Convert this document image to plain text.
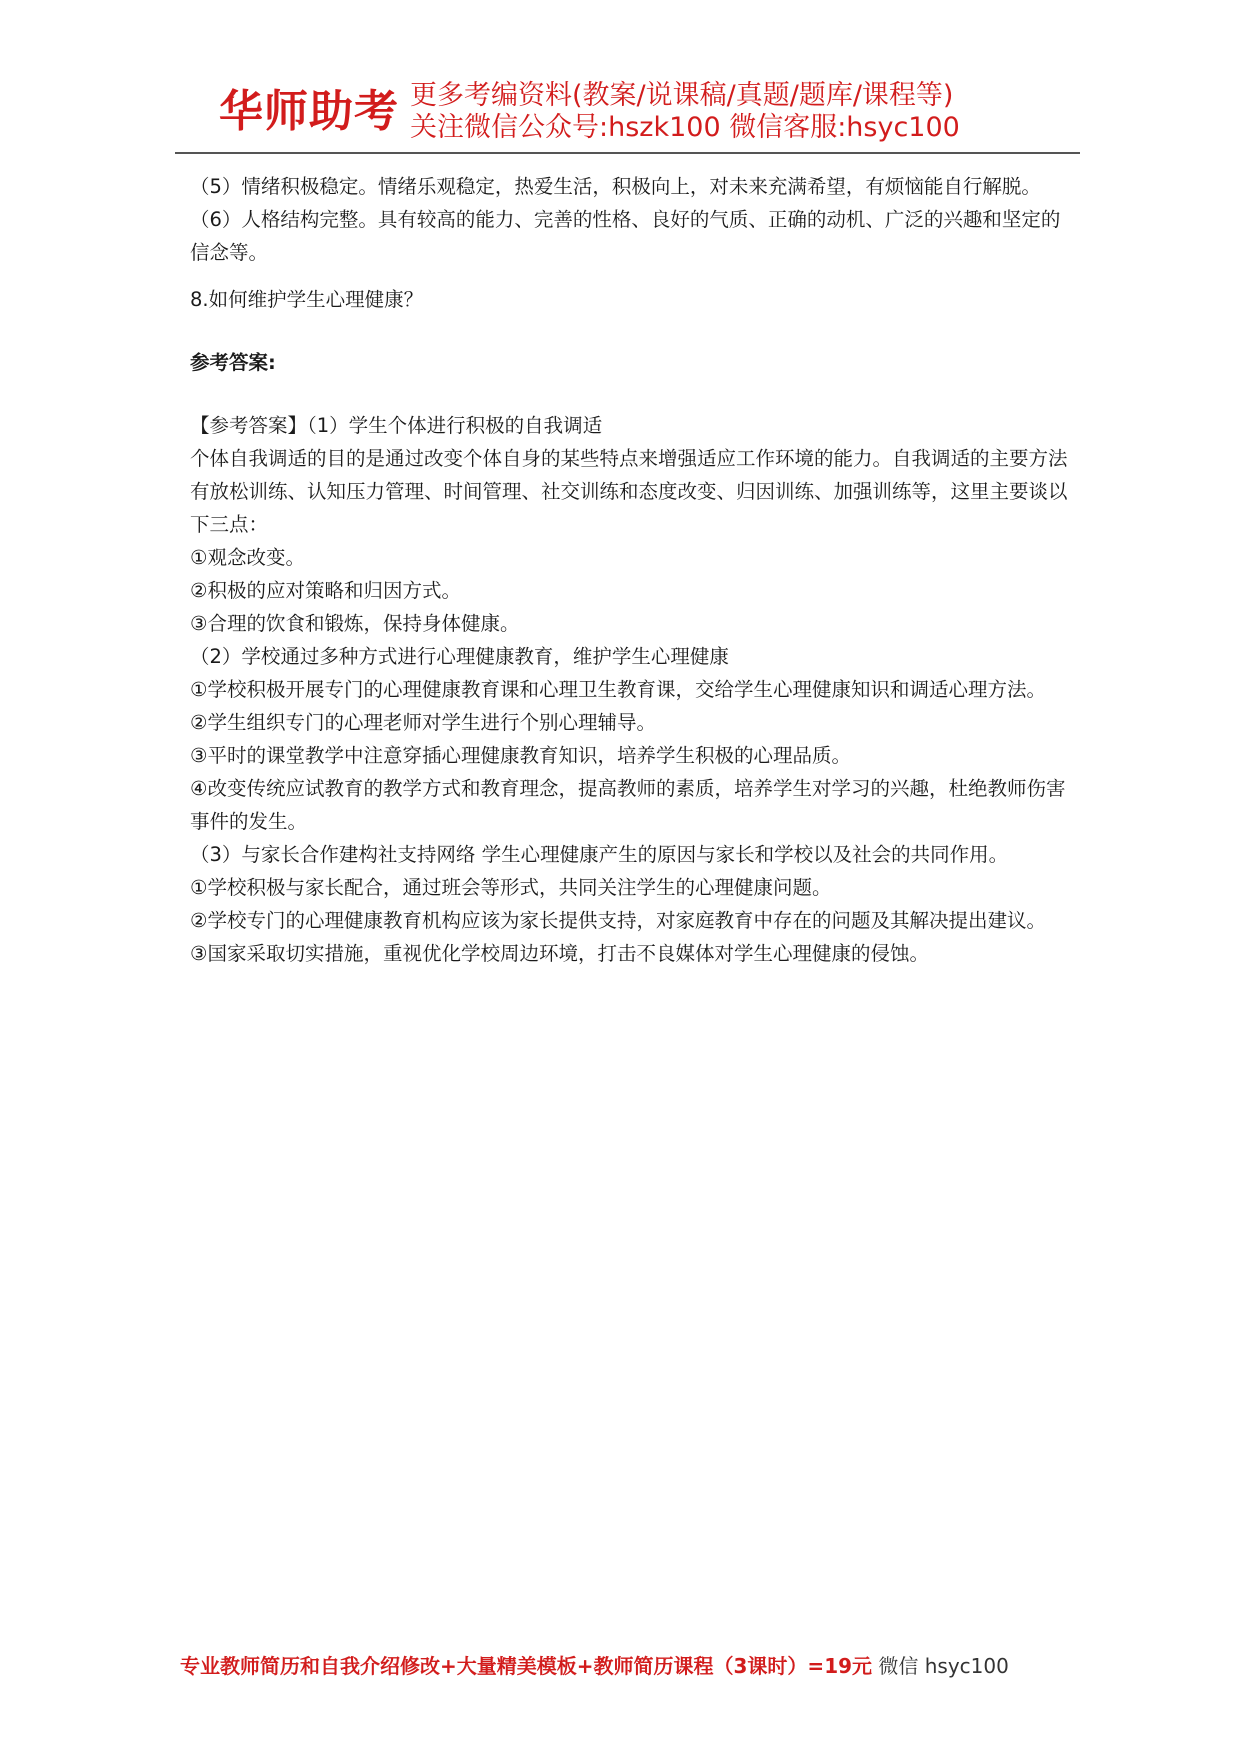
华师助考 更多考编资料(教案/说课稿/真题/题库/课程等)
关注微信公众号:hszk100 微信客服:hsyc100

（5）情绪积极稳定。情绪乐观稳定，热爱生活，积极向上，对未来充满希望，有烦恼能自行解脱。

（6）人格结构完整。具有较高的能力、完善的性格、良好的气质、正确的动机、广泛的兴趣和坚定的信念等。

8.如何维护学生心理健康？

参考答案:

【参考答案】（1）学生个体进行积极的自我调适

个体自我调适的目的是通过改变个体自身的某些特点来增强适应工作环境的能力。自我调适的主要方法有放松训练、认知压力管理、时间管理、社交训练和态度改变、归因训练、加强训练等，这里主要谈以下三点：

①观念改变。

②积极的应对策略和归因方式。

③合理的饮食和锻炼，保持身体健康。

（2）学校通过多种方式进行心理健康教育，维护学生心理健康

①学校积极开展专门的心理健康教育课和心理卫生教育课，交给学生心理健康知识和调适心理方法。

②学生组织专门的心理老师对学生进行个别心理辅导。

③平时的课堂教学中注意穿插心理健康教育知识，培养学生积极的心理品质。

④改变传统应试教育的教学方式和教育理念，提高教师的素质，培养学生对学习的兴趣，杜绝教师伤害事件的发生。

（3）与家长合作建构社支持网络 学生心理健康产生的原因与家长和学校以及社会的共同作用。

①学校积极与家长配合，通过班会等形式，共同关注学生的心理健康问题。

②学校专门的心理健康教育机构应该为家长提供支持，对家庭教育中存在的问题及其解决提出建议。

③国家采取切实措施，重视优化学校周边环境，打击不良媒体对学生心理健康的侵蚀。

专业教师简历和自我介绍修改+大量精美模板+教师简历课程（3课时）=19元 微信 hsyc100
